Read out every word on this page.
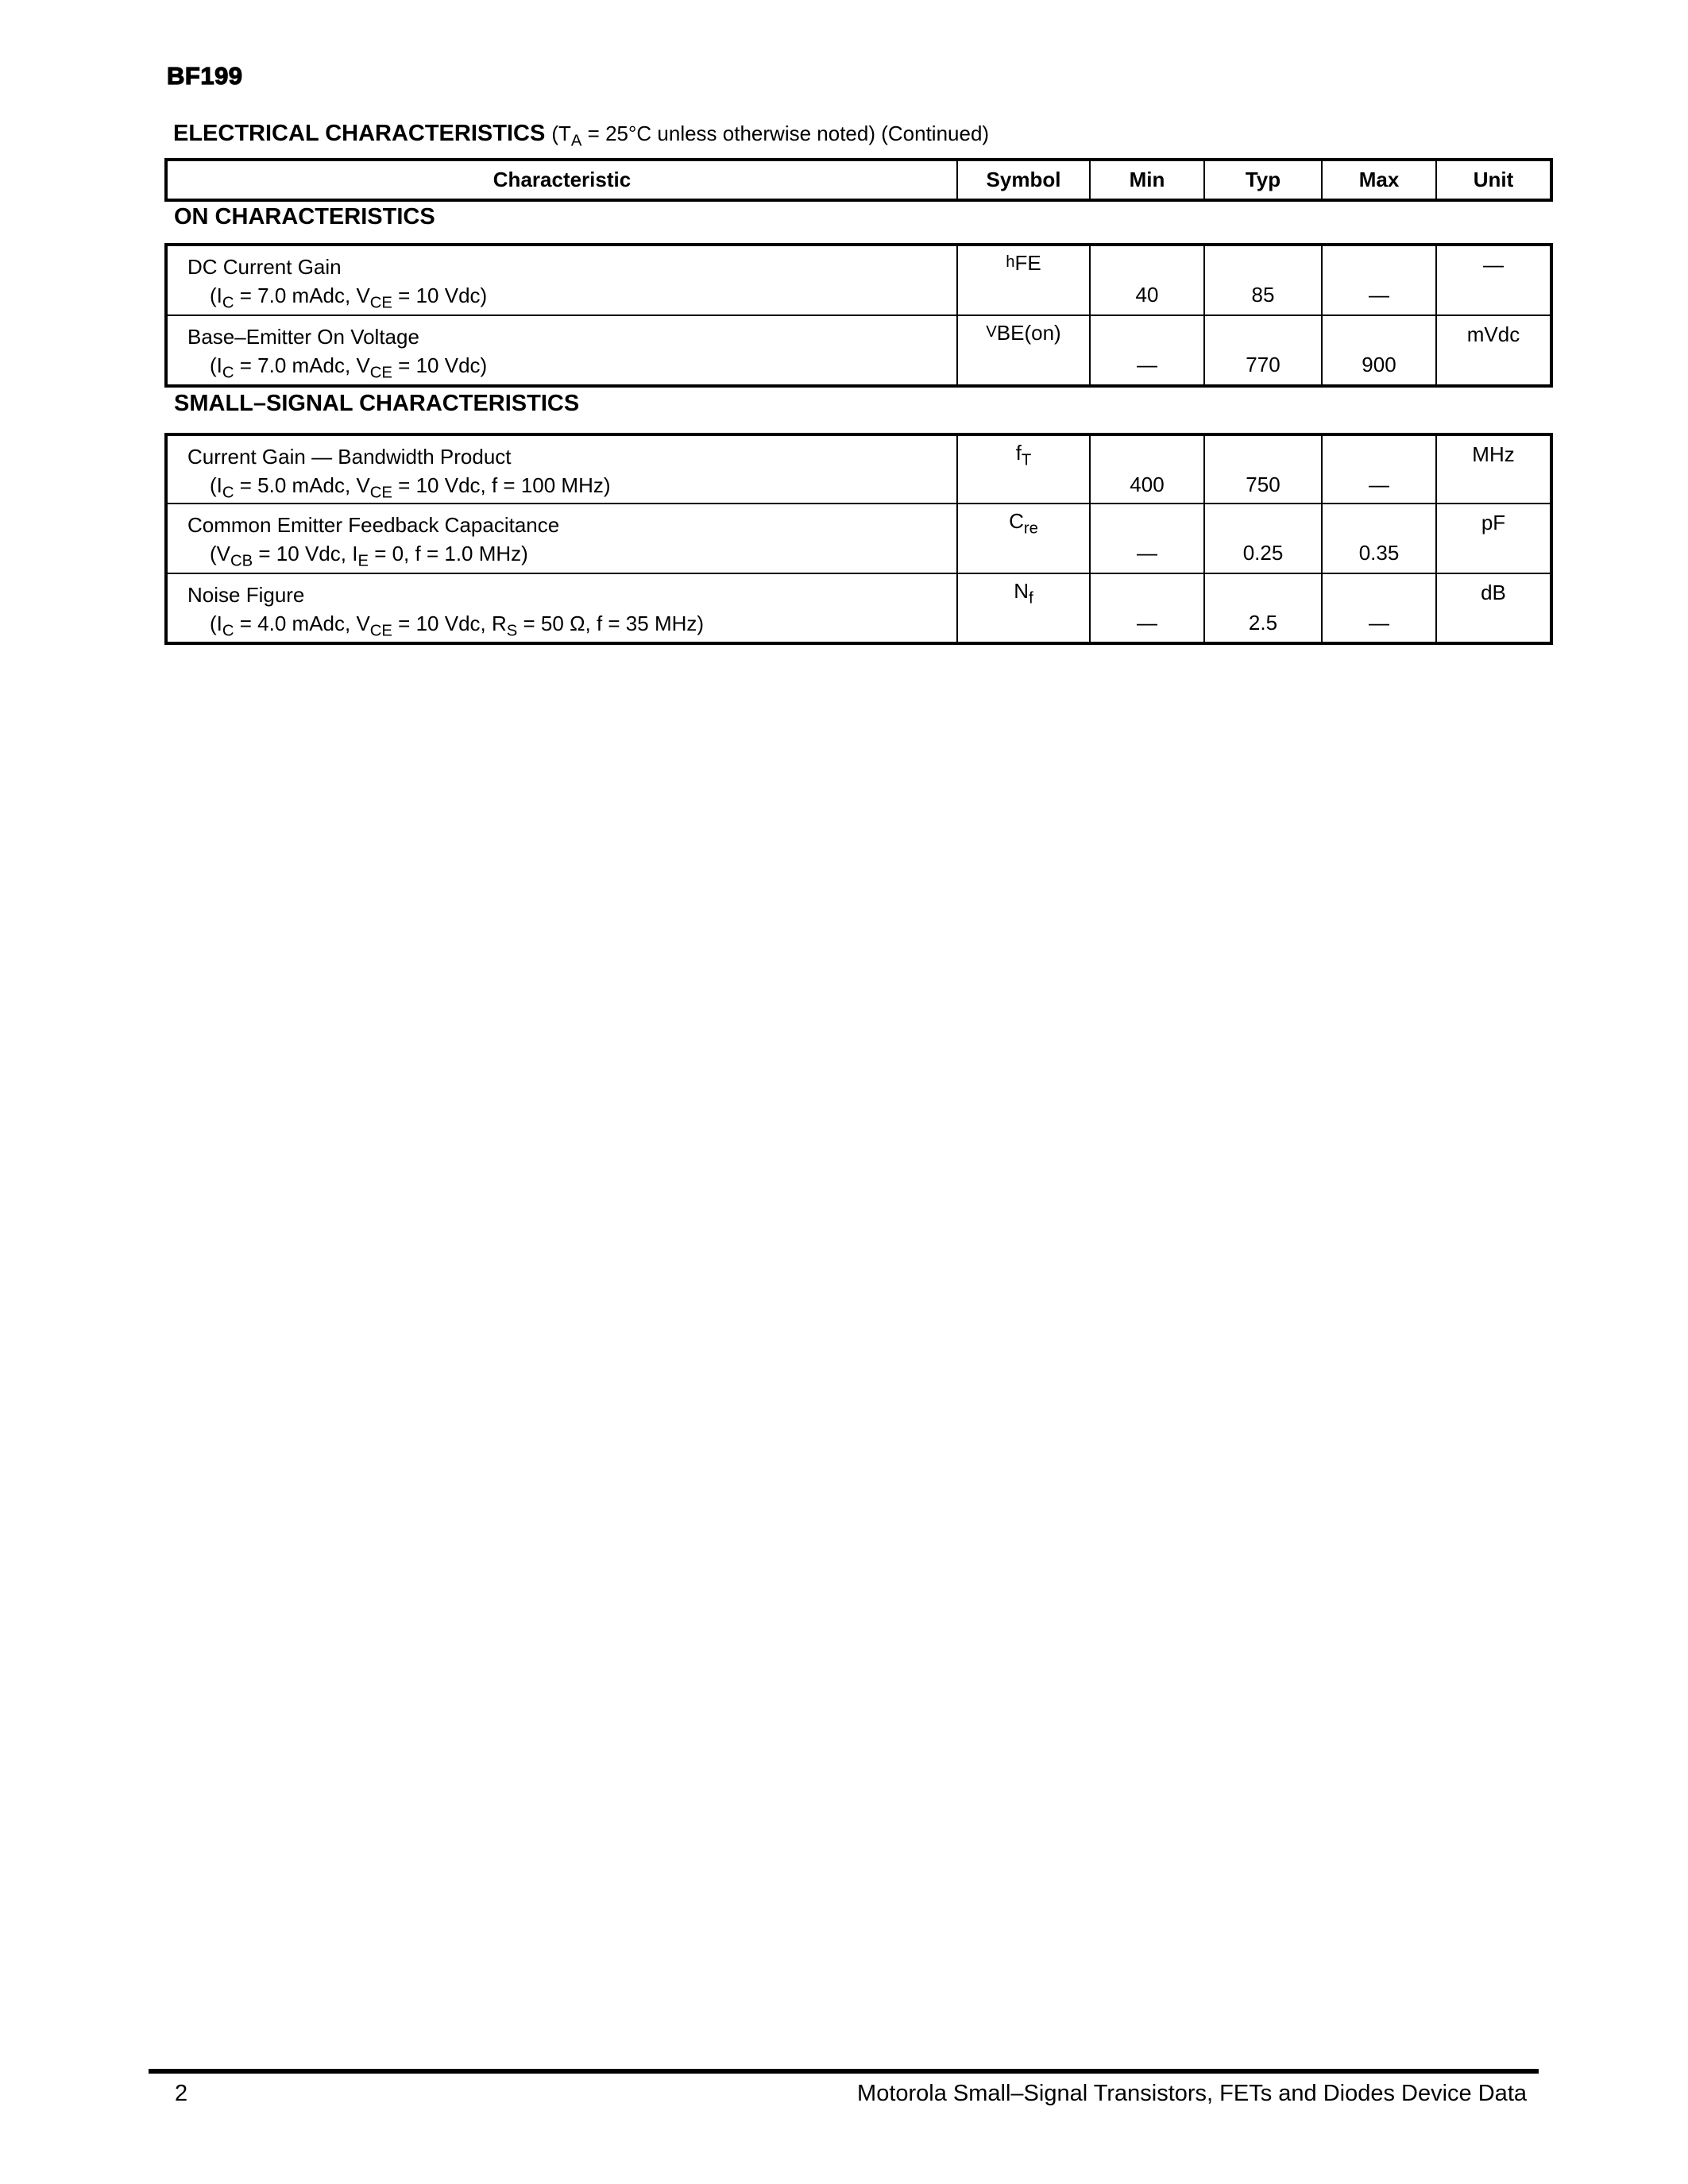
BF199
ELECTRICAL CHARACTERISTICS ($T_A = 25^\circ C$ unless otherwise noted) (Continued)
Characteristic	Symbol	Min	Typ	Max	Unit
ON CHARACTERISTICS
DC Current Gain
($I_C = 7.0$ mAdc, $V_{CE} = 10$ Vdc)	$^h$FE	40	85	—	—
Base–Emitter On Voltage
($I_C = 7.0$ mAdc, $V_{CE} = 10$ Vdc)	$^V$BE(on)	—	770	900	mVdc
SMALL–SIGNAL CHARACTERISTICS
Current Gain — Bandwidth Product
($I_C = 5.0$ mAdc, $V_{CE} = 10$ Vdc, f = 100 MHz)	$f_T$	400	750	—	MHz
Common Emitter Feedback Capacitance
($V_{CB} = 10$ Vdc, $I_E = 0$, f = 1.0 MHz)	$C_{re}$	—	0.25	0.35	pF
Noise Figure
($I_C = 4.0$ mAdc, $V_{CE} = 10$ Vdc, $R_S = 50$ Ω, f = 35 MHz)	$N_f$	—	2.5	—	dB
2	Motorola Small–Signal Transistors, FETs and Diodes Device Data
